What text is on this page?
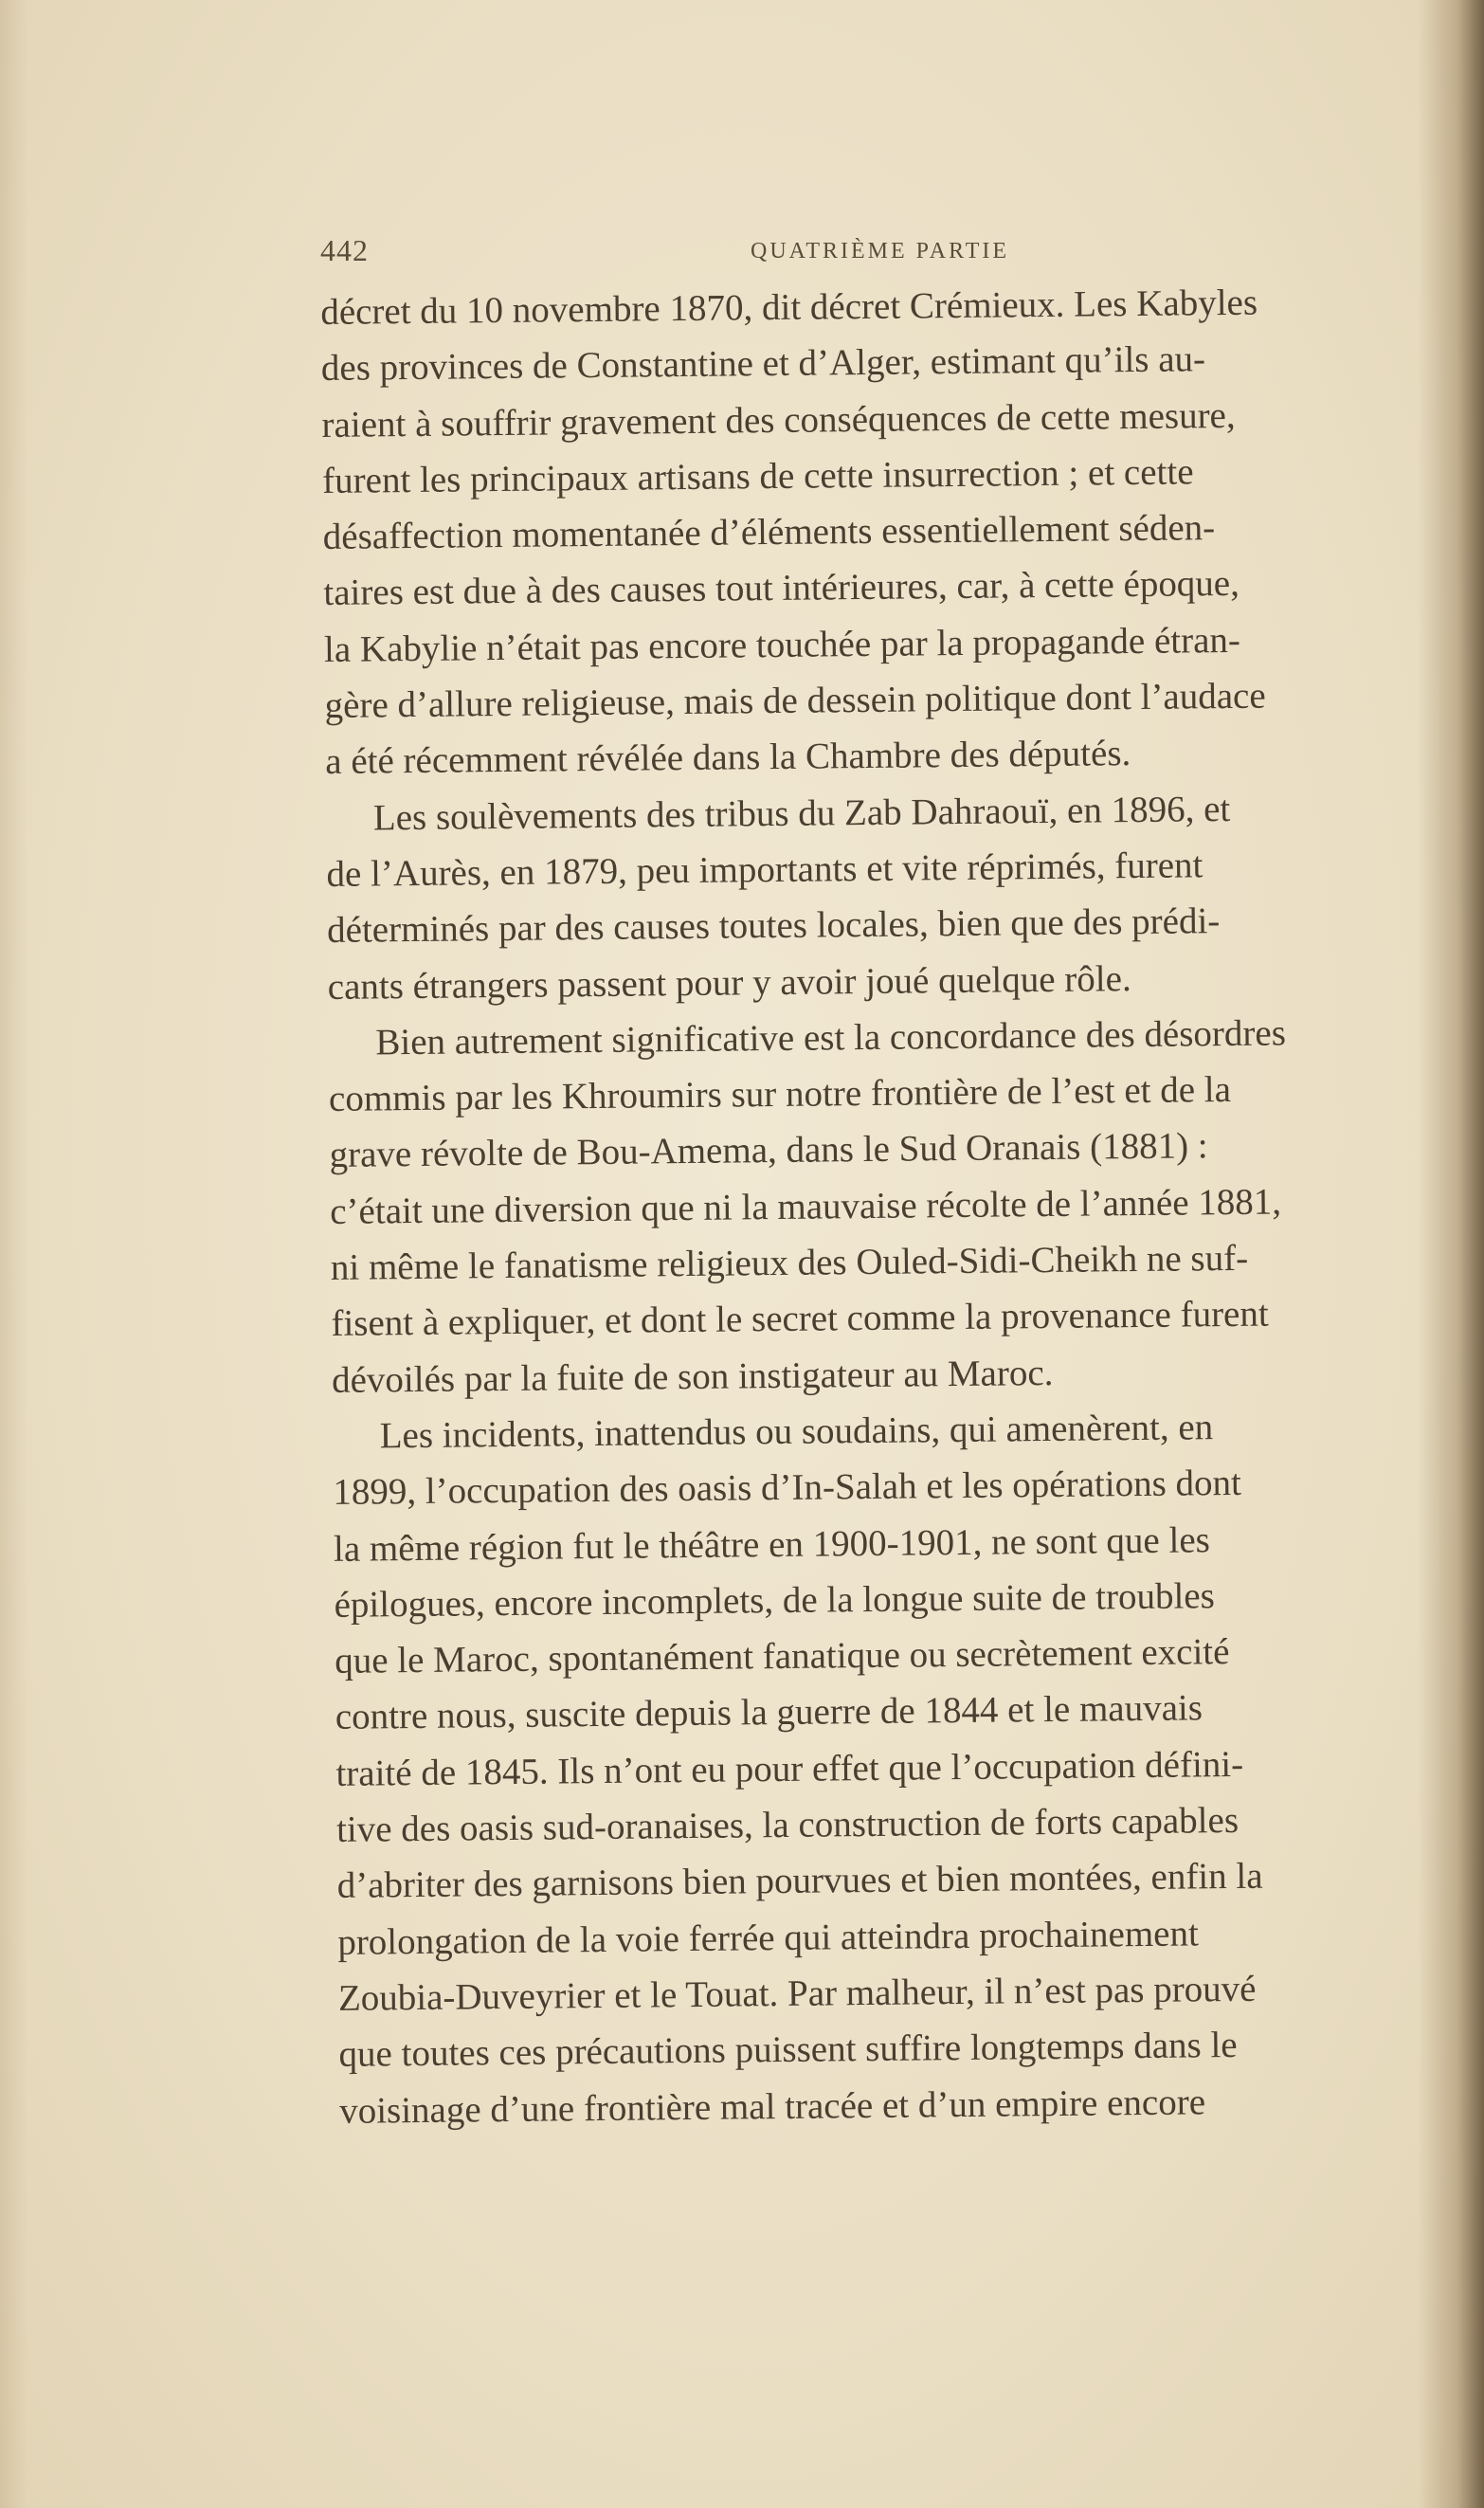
442	QUATRIÈME PARTIE
décret du 10 novembre 1870, dit décret Crémieux. Les Kabyles
des provinces de Constantine et d’Alger, estimant qu’ils au-
raient à souffrir gravement des conséquences de cette mesure,
furent les principaux artisans de cette insurrection ; et cette
désaffection momentanée d’éléments essentiellement séden-
taires est due à des causes tout intérieures, car, à cette époque,
la Kabylie n’était pas encore touchée par la propagande étran-
gère d’allure religieuse, mais de dessein politique dont l’audace
a été récemment révélée dans la Chambre des députés.
Les soulèvements des tribus du Zab Dahraouï, en 1896, et
de l’Aurès, en 1879, peu importants et vite réprimés, furent
déterminés par des causes toutes locales, bien que des prédi-
cants étrangers passent pour y avoir joué quelque rôle.
Bien autrement significative est la concordance des désordres
commis par les Khroumirs sur notre frontière de l’est et de la
grave révolte de Bou-Amema, dans le Sud Oranais (1881) :
c’était une diversion que ni la mauvaise récolte de l’année 1881,
ni même le fanatisme religieux des Ouled-Sidi-Cheikh ne suf-
fisent à expliquer, et dont le secret comme la provenance furent
dévoilés par la fuite de son instigateur au Maroc.
Les incidents, inattendus ou soudains, qui amenèrent, en
1899, l’occupation des oasis d’In-Salah et les opérations dont
la même région fut le théâtre en 1900-1901, ne sont que les
épilogues, encore incomplets, de la longue suite de troubles
que le Maroc, spontanément fanatique ou secrètement excité
contre nous, suscite depuis la guerre de 1844 et le mauvais
traité de 1845. Ils n’ont eu pour effet que l’occupation défini-
tive des oasis sud-oranaises, la construction de forts capables
d’abriter des garnisons bien pourvues et bien montées, enfin la
prolongation de la voie ferrée qui atteindra prochainement
Zoubia-Duveyrier et le Touat. Par malheur, il n’est pas prouvé
que toutes ces précautions puissent suffire longtemps dans le
voisinage d’une frontière mal tracée et d’un empire encore
